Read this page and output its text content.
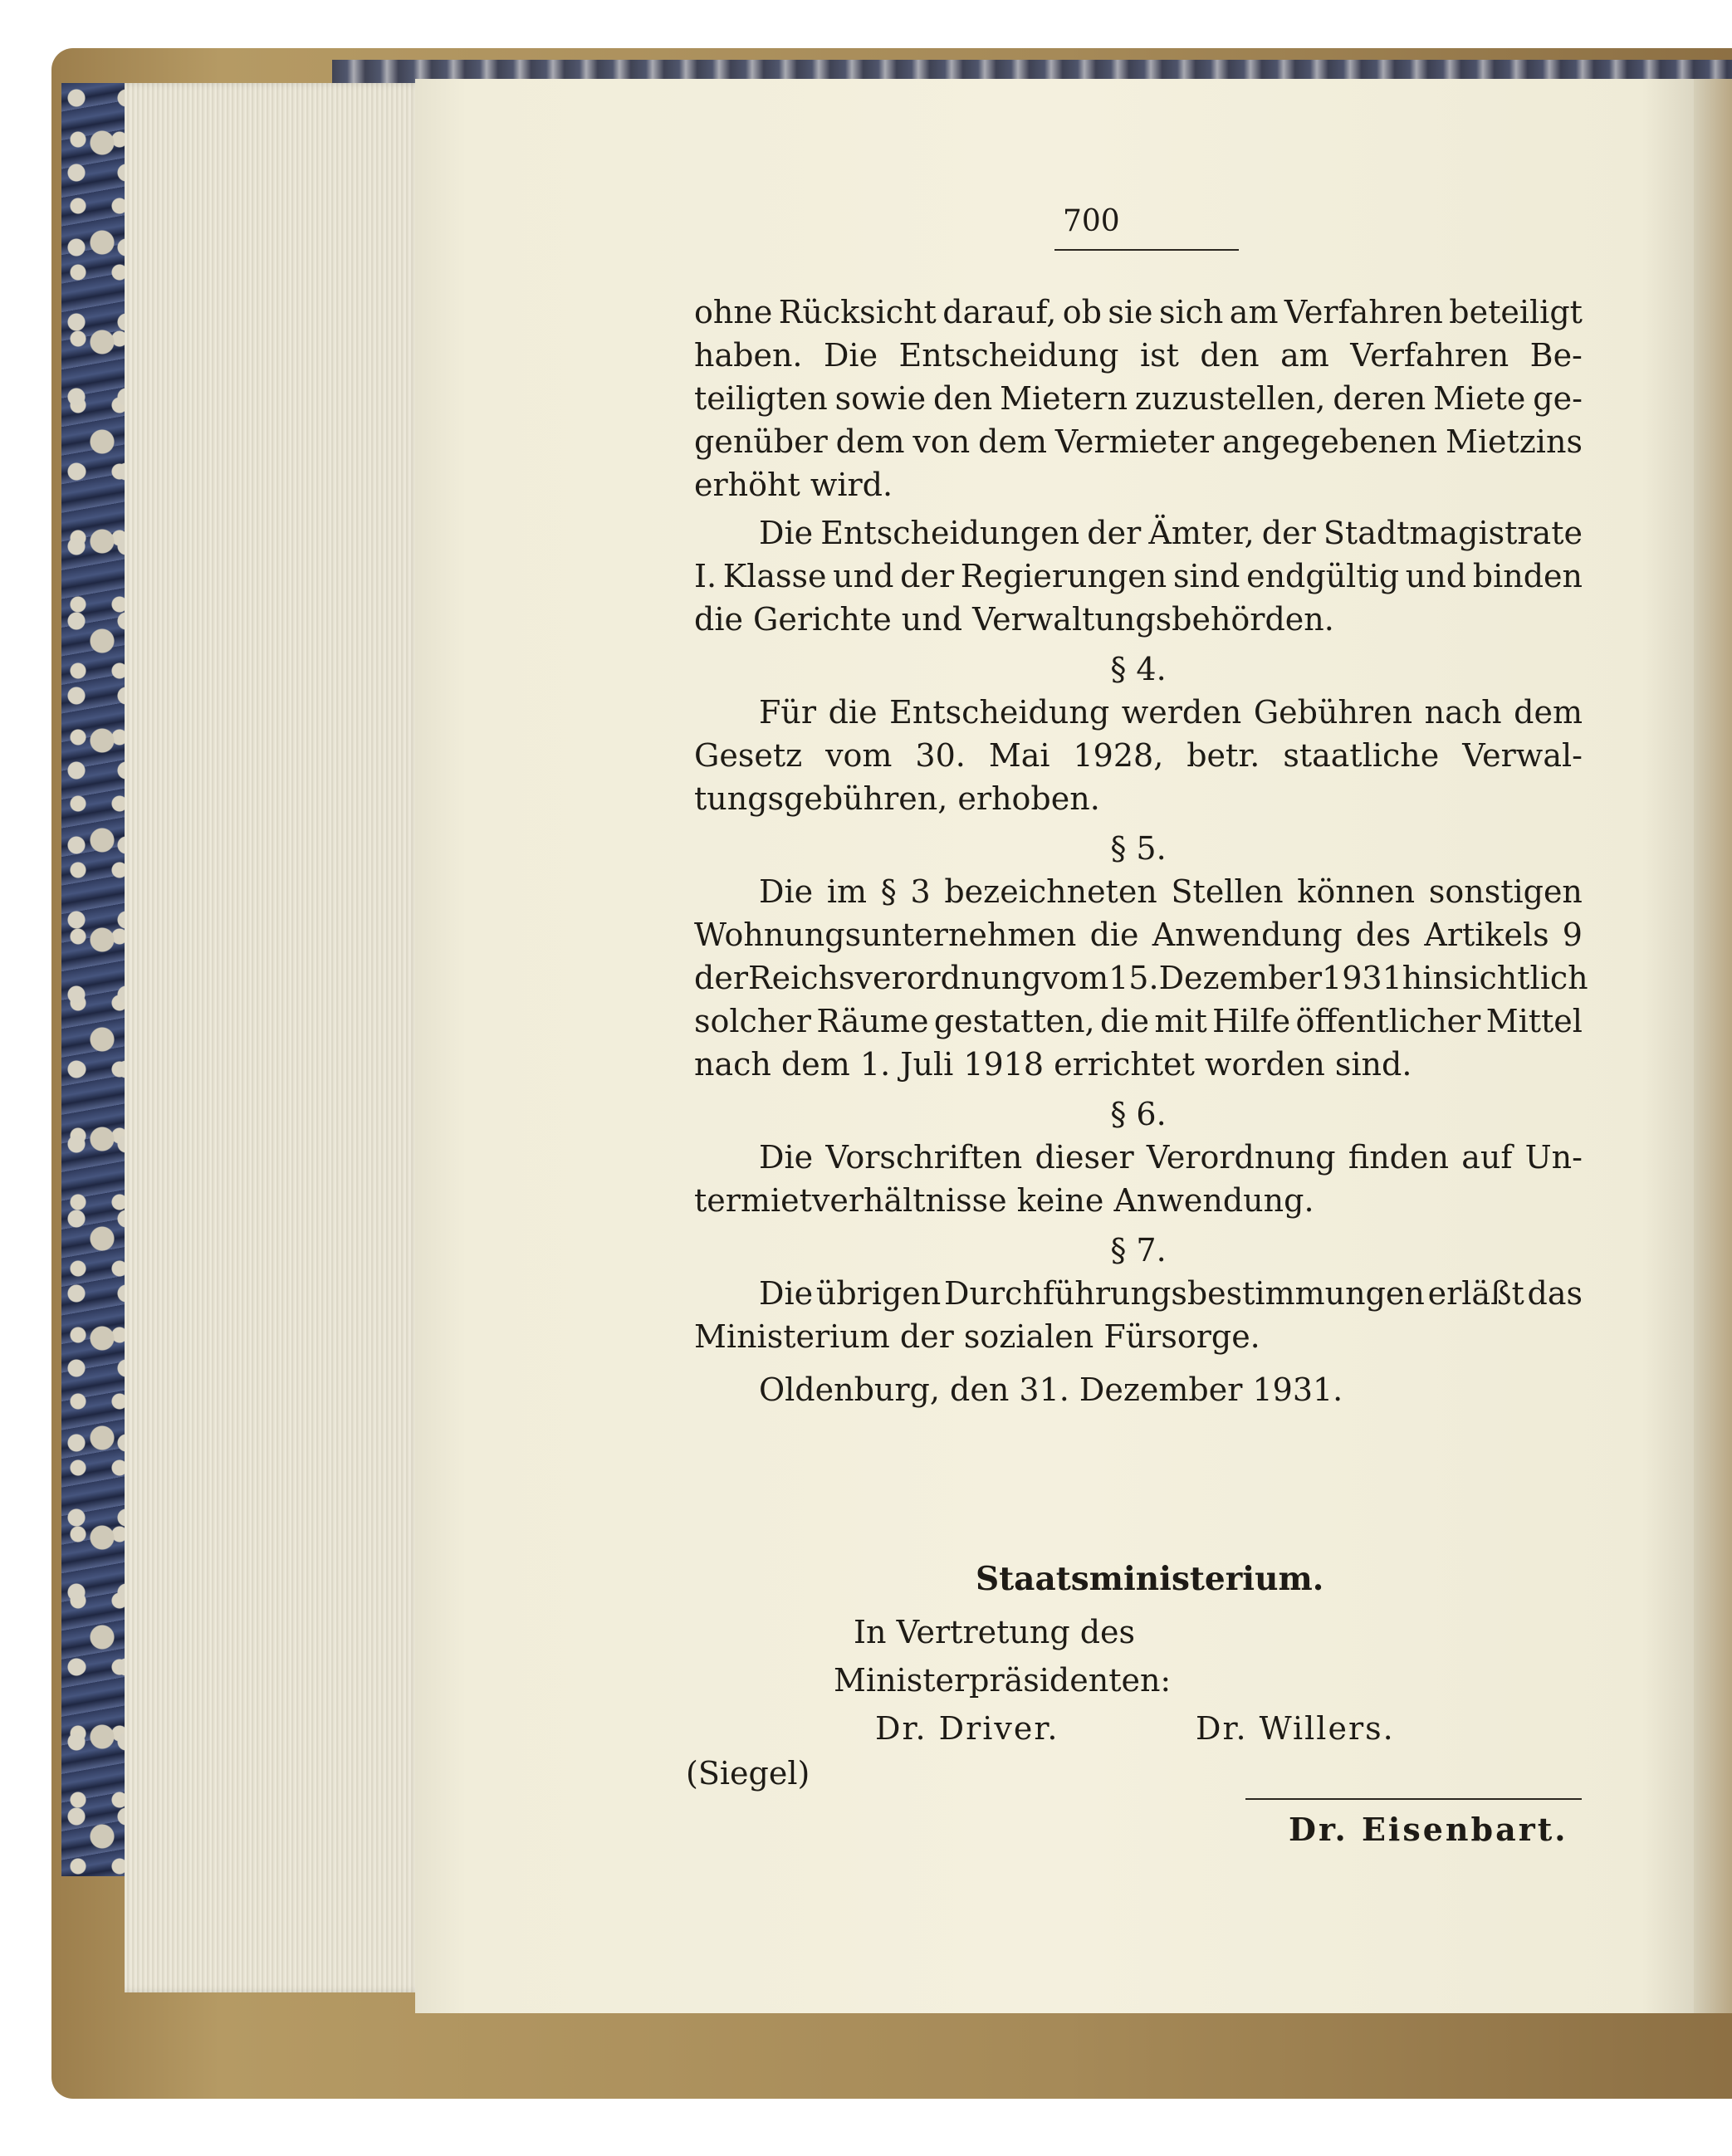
700
Staatsministerium.
In Vertretung des
Ministerpräsidenten:
Dr. Driver.	Dr. Willers.
(Siegel)
Dr. Eisenbart.
ohne Rücksicht darauf, ob sie sich am Verfahren beteiligt
haben. Die Entscheidung ist den am Verfahren Be-
teiligten sowie den Mietern zuzustellen, deren Miete ge-
genüber dem von dem Vermieter angegebenen Mietzins
erhöht wird.
Die Entscheidungen der Ämter, der Stadtmagistrate
I. Klasse und der Regierungen sind endgültig und binden
die Gerichte und Verwaltungsbehörden.
§ 4.
Für die Entscheidung werden Gebühren nach dem
Gesetz vom 30. Mai 1928, betr. staatliche Verwal-
tungsgebühren, erhoben.
§ 5.
Die im § 3 bezeichneten Stellen können sonstigen
Wohnungsunternehmen die Anwendung des Artikels 9
der Reichsverordnung vom 15. Dezember 1931 hinsichtlich
solcher Räume gestatten, die mit Hilfe öffentlicher Mittel
nach dem 1. Juli 1918 errichtet worden sind.
§ 6.
Die Vorschriften dieser Verordnung finden auf Un-
termietverhältnisse keine Anwendung.
§ 7.
Die übrigen Durchführungsbestimmungen erläßt das
Ministerium der sozialen Fürsorge.
Oldenburg, den 31. Dezember 1931.
